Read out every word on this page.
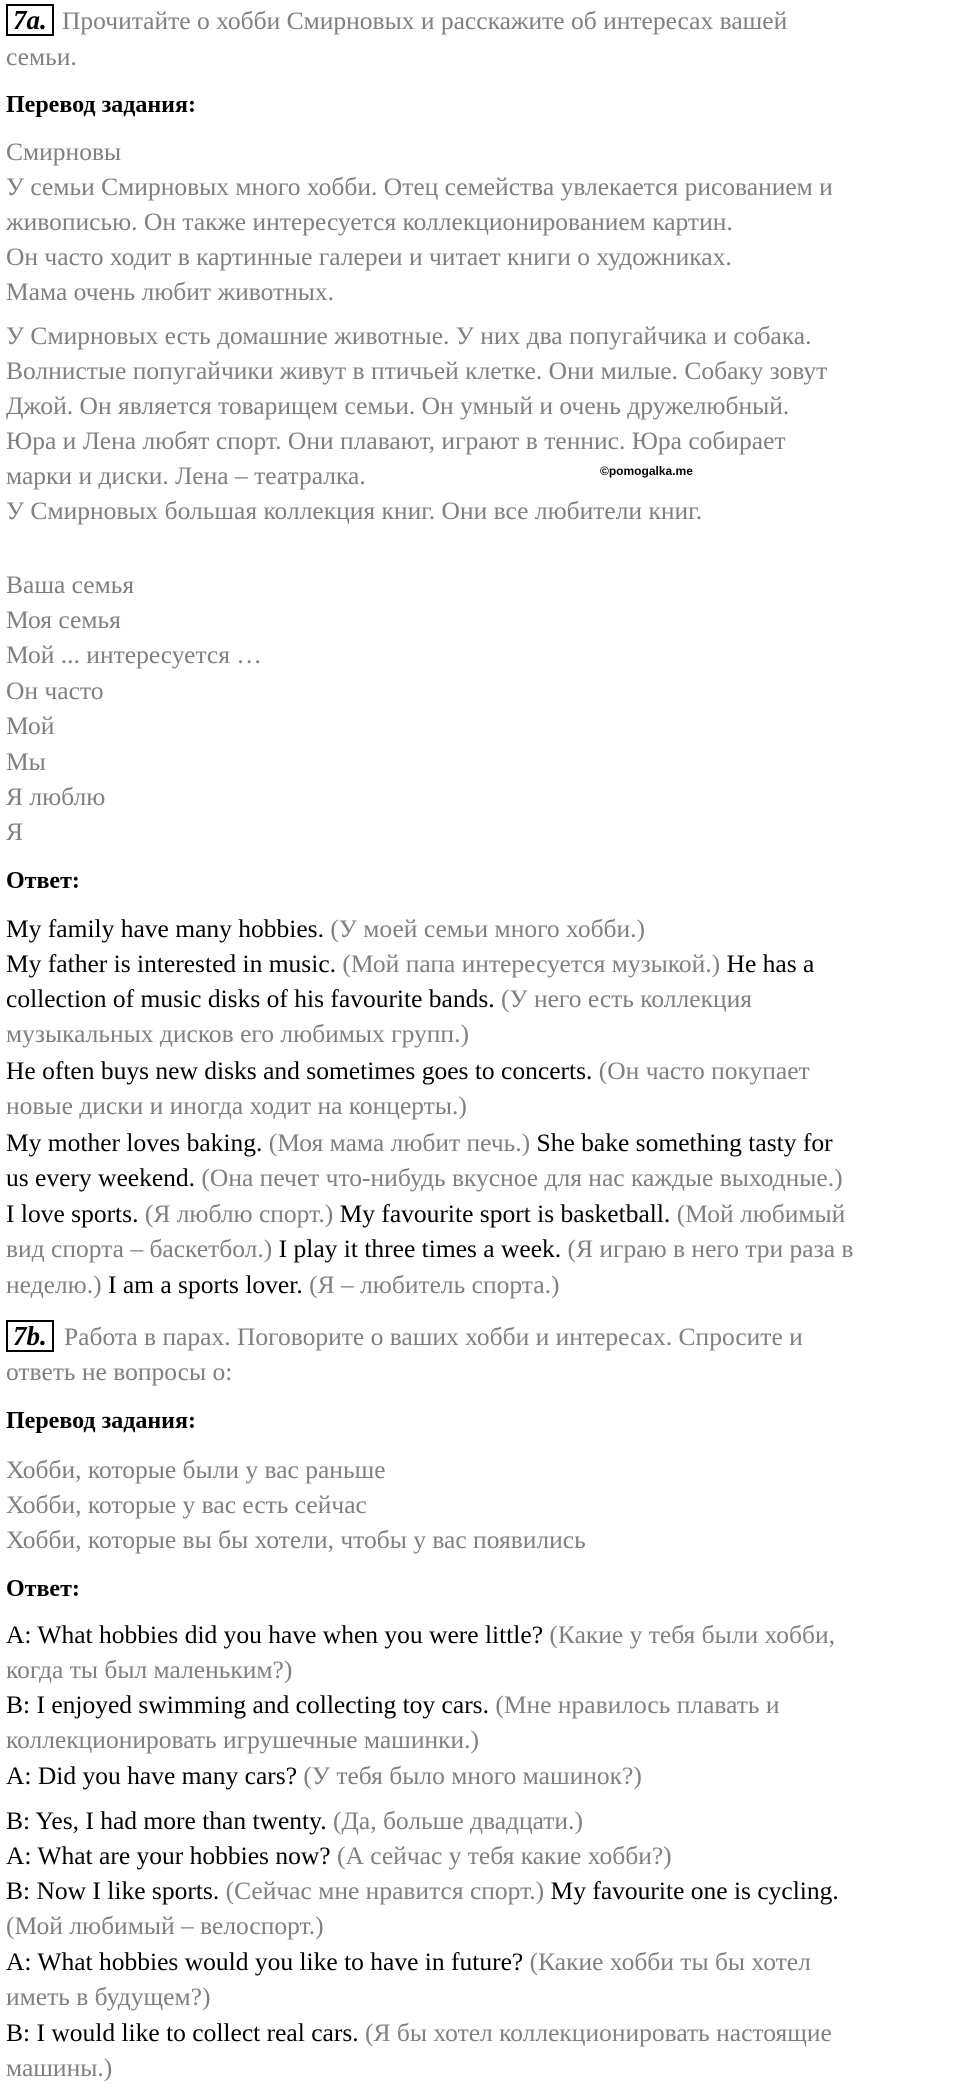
7a. Прочитайте о хобби Смирновых и расскажите об интересах вашей
семьи.
Перевод задания:
Смирновы
У семьи Смирновых много хобби. Отец семейства увлекается рисованием и
живописью. Он также интересуется коллекционированием картин.
Он часто ходит в картинные галереи и читает книги о художниках.
Мама очень любит животных.
У Смирновых есть домашние животные. У них два попугайчика и собака.
Волнистые попугайчики живут в птичьей клетке. Они милые. Собаку зовут
Джой. Он является товарищем семьи. Он умный и очень дружелюбный.
Юра и Лена любят спорт. Они плавают, играют в теннис. Юра собирает
марки и диски. Лена – театралка.
У Смирновых большая коллекция книг. Они все любители книг.
©pomogalka.me
Ваша семья
Моя семья
Мой ... интересуется …
Он часто
Мой
Мы
Я люблю
Я
Ответ:
My family have many hobbies. (У моей семьи много хобби.)
My father is interested in music. (Мой папа интересуется музыкой.) He has a
collection of music disks of his favourite bands. (У него есть коллекция
музыкальных дисков его любимых групп.)
He often buys new disks and sometimes goes to concerts. (Он часто покупает
новые диски и иногда ходит на концерты.)
My mother loves baking. (Моя мама любит печь.) She bake something tasty for
us every weekend. (Она печет что-нибудь вкусное для нас каждые выходные.)
I love sports. (Я люблю спорт.) My favourite sport is basketball. (Мой любимый
вид спорта – баскетбол.) I play it three times a week. (Я играю в него три раза в
неделю.) I am a sports lover. (Я – любитель спорта.)
7b. Работа в парах. Поговорите о ваших хобби и интересах. Спросите и
ответь не вопросы о:
Перевод задания:
Хобби, которые были у вас раньше
Хобби, которые у вас есть сейчас
Хобби, которые вы бы хотели, чтобы у вас появились
Ответ:
A: What hobbies did you have when you were little? (Какие у тебя были хобби,
когда ты был маленьким?)
B: I enjoyed swimming and collecting toy cars. (Мне нравилось плавать и
коллекционировать игрушечные машинки.)
A: Did you have many cars? (У тебя было много машинок?)
B: Yes, I had more than twenty. (Да, больше двадцати.)
A: What are your hobbies now? (А сейчас у тебя какие хобби?)
B: Now I like sports. (Сейчас мне нравится спорт.) My favourite one is cycling.
(Мой любимый – велоспорт.)
A: What hobbies would you like to have in future? (Какие хобби ты бы хотел
иметь в будущем?)
B: I would like to collect real cars. (Я бы хотел коллекционировать настоящие
машины.)
